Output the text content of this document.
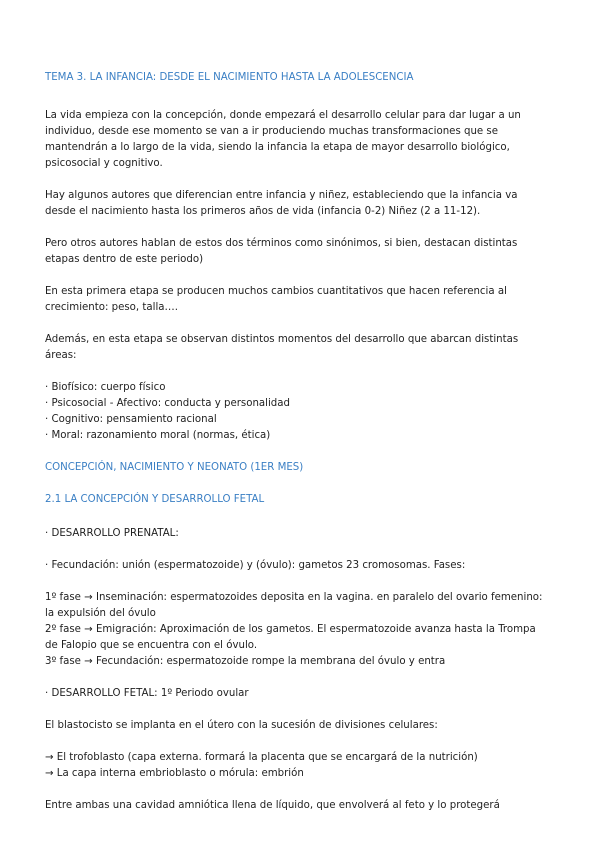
TEMA 3. LA INFANCIA: DESDE EL NACIMIENTO HASTA LA ADOLESCENCIA

La vida empieza con la concepción, donde empezará el desarrollo celular para dar lugar a un individuo, desde ese momento se van a ir produciendo muchas transformaciones que se mantendrán a lo largo de la vida, siendo la infancia la etapa de mayor desarrollo biológico, psicosocial y cognitivo.

Hay algunos autores que diferencian entre infancia y niñez, estableciendo que la infancia va desde el nacimiento hasta los primeros años de vida (infancia 0-2) Niñez (2 a 11-12).

Pero otros autores hablan de estos dos términos como sinónimos, si bien, destacan distintas etapas dentro de este periodo)

En esta primera etapa se producen muchos cambios cuantitativos que hacen referencia al crecimiento: peso, talla….

Además, en esta etapa se observan distintos momentos del desarrollo que abarcan distintas áreas:

· Biofísico: cuerpo físico

· Psicosocial - Afectivo: conducta y personalidad

· Cognitivo: pensamiento racional

· Moral: razonamiento moral (normas, ética)

CONCEPCIÓN, NACIMIENTO Y NEONATO (1ER MES)

2.1 LA CONCEPCIÓN Y DESARROLLO FETAL

· DESARROLLO PRENATAL:

· Fecundación: unión (espermatozoide) y (óvulo): gametos 23 cromosomas. Fases:

1º fase → Inseminación: espermatozoides deposita en la vagina. en paralelo del ovario femenino: la expulsión del óvulo

2º fase → Emigración: Aproximación de los gametos. El espermatozoide avanza hasta la Trompa de Falopio que se encuentra con el óvulo.

3º fase → Fecundación: espermatozoide rompe la membrana del óvulo y entra

· DESARROLLO FETAL: 1º Periodo ovular

El blastocisto se implanta en el útero con la sucesión de divisiones celulares:

→ El trofoblasto (capa externa. formará la placenta que se encargará de la nutrición)

→ La capa interna embrioblasto o mórula: embrión

Entre ambas una cavidad amniótica llena de líquido, que envolverá al feto y lo protegerá
